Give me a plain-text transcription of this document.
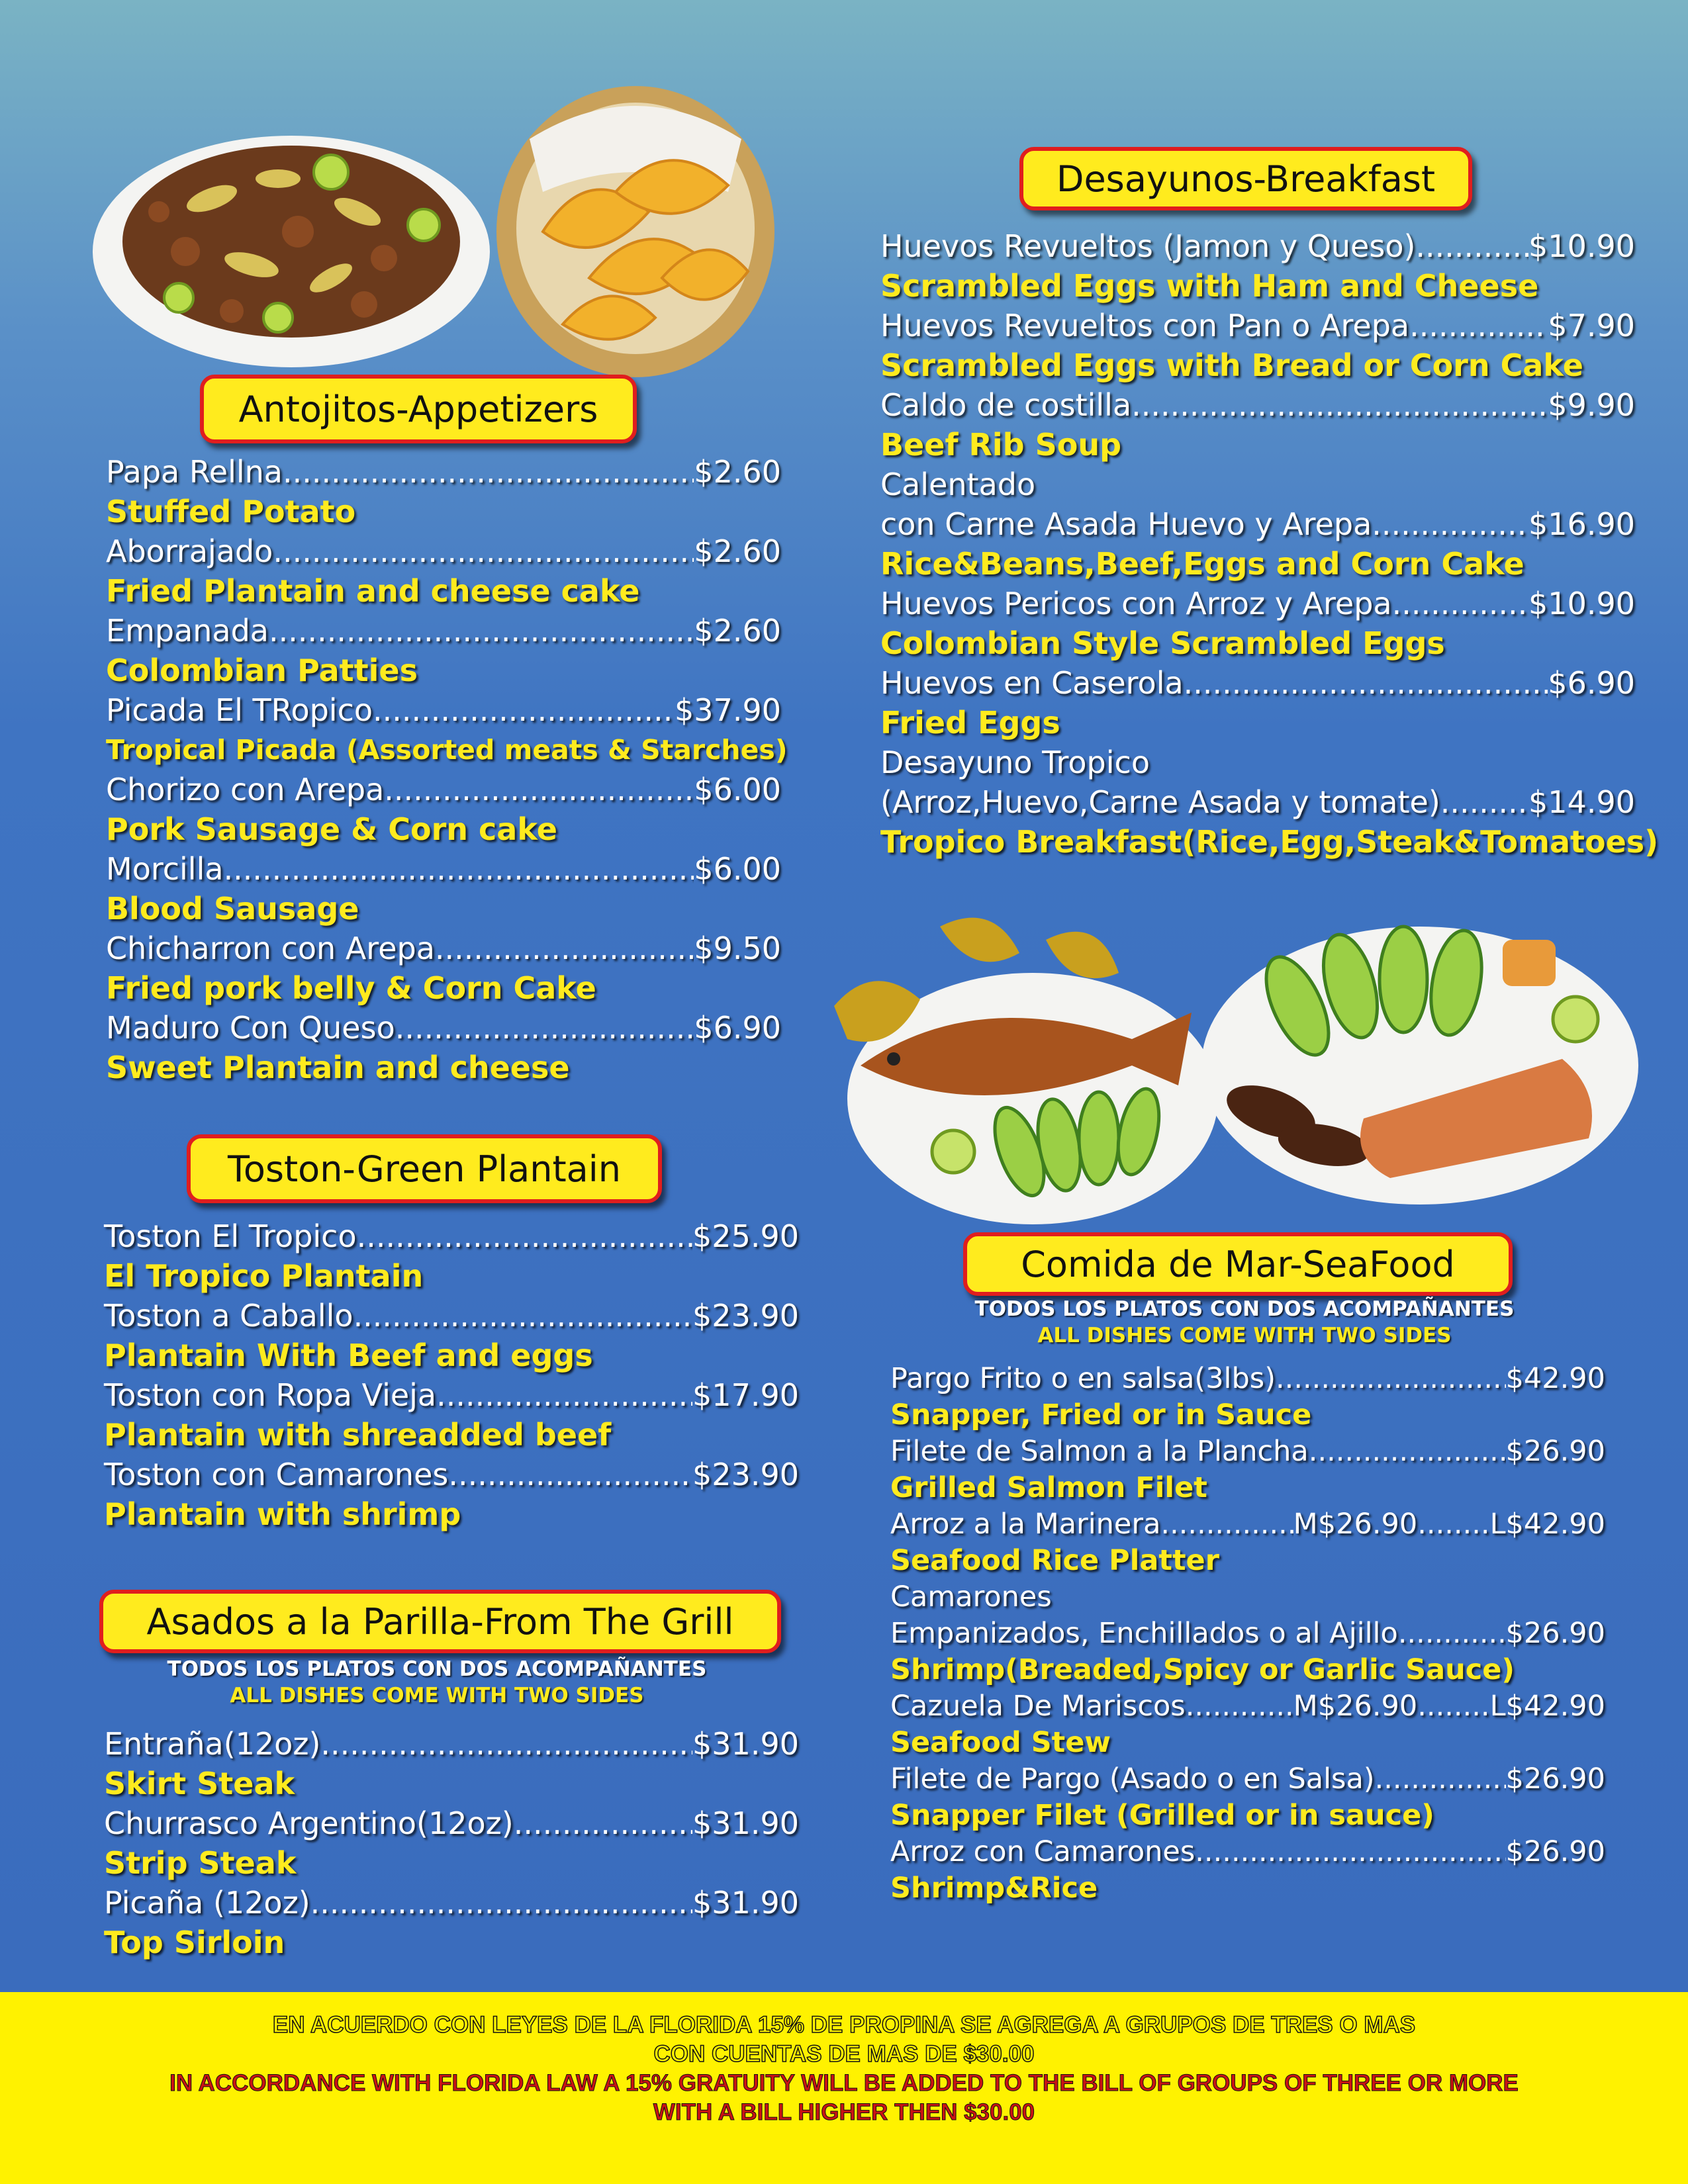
Antojitos-Appetizers
Toston-Green Plantain
Asados a la Parilla-From The Grill
Desayunos-Breakfast
Comida de Mar-SeaFood
Papa Rellna .....	$2.60
Stuffed Potato
Aborrajado .....	$2.60
Fried Plantain and cheese cake
Empanada .....	$2.60
Colombian Patties
Picada El TRopico .....	$37.90
Tropical Picada (Assorted meats & Starches)
Chorizo con Arepa .....	$6.00
Pork Sausage & Corn cake
Morcilla .....	$6.00
Blood Sausage
Chicharron con Arepa .....	$9.50
Fried pork belly & Corn Cake
Maduro Con Queso .....	$6.90
Sweet Plantain and cheese
Toston El Tropico .....	$25.90
El Tropico Plantain
Toston a Caballo .....	$23.90
Plantain With Beef and eggs
Toston con Ropa Vieja .....	$17.90
Plantain with shreadded beef
Toston con Camarones .....	$23.90
Plantain with shrimp
TODOS LOS PLATOS CON DOS ACOMPAÑANTES
ALL DISHES COME WITH TWO SIDES
Entraña(12oz) .....	$31.90
Skirt Steak
Churrasco Argentino(12oz) .....	$31.90
Strip Steak
Picaña (12oz) .....	$31.90
Top Sirloin
Huevos Revueltos (Jamon y Queso) .....	$10.90
Scrambled Eggs with Ham and Cheese
Huevos Revueltos con Pan o Arepa .....	$7.90
Scrambled Eggs with Bread or Corn Cake
Caldo de costilla .....	$9.90
Beef Rib Soup
Calentado
con Carne Asada Huevo y Arepa .....	$16.90
Rice&Beans,Beef,Eggs and Corn Cake
Huevos Pericos con Arroz y Arepa .....	$10.90
Colombian Style Scrambled Eggs
Huevos en Caserola .....	$6.90
Fried Eggs
Desayuno Tropico
(Arroz,Huevo,Carne Asada y tomate) .....	$14.90
Tropico Breakfast(Rice,Egg,Steak&Tomatoes)
TODOS LOS PLATOS CON DOS ACOMPAÑANTES
ALL DISHES COME WITH TWO SIDES
Pargo Frito o en salsa(3lbs) .....	$42.90
Snapper, Fried or in Sauce
Filete de Salmon a la Plancha .....	$26.90
Grilled Salmon Filet
Arroz a la Marinera .....	M$26.90........L$42.90
Seafood Rice Platter
Camarones
Empanizados, Enchillados o al Ajillo .....	$26.90
Shrimp(Breaded,Spicy or Garlic Sauce)
Cazuela De Mariscos .....	M$26.90........L$42.90
Seafood Stew
Filete de Pargo (Asado o en Salsa) .....	$26.90
Snapper Filet (Grilled or in sauce)
Arroz con Camarones .....	$26.90
Shrimp&Rice
EN ACUERDO CON LEYES DE LA FLORIDA 15% DE PROPINA SE AGREGA A GRUPOS DE TRES O MAS
CON CUENTAS DE MAS DE $30.00
IN ACCORDANCE WITH FLORIDA LAW A 15% GRATUITY WILL BE ADDED TO THE BILL OF GROUPS OF THREE OR MORE
WITH A BILL HIGHER THEN $30.00
